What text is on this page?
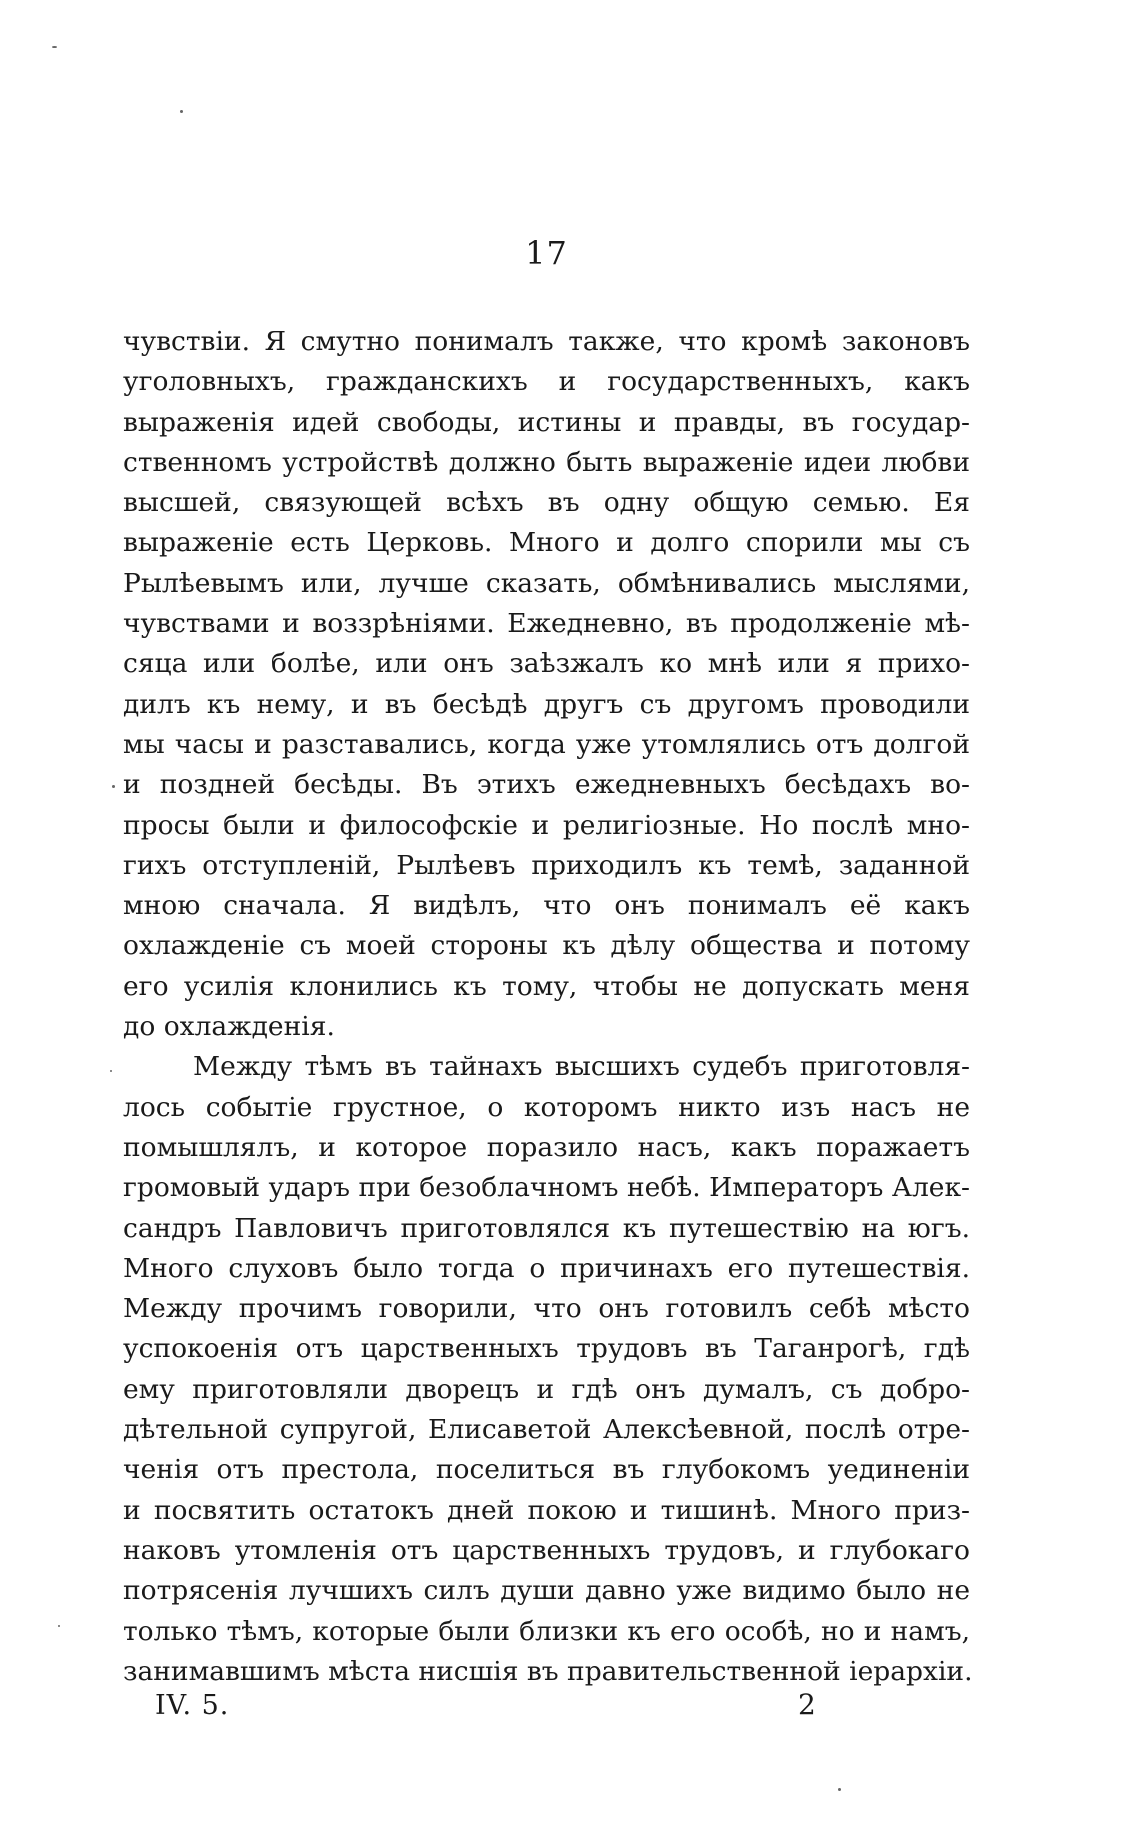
17
чувствiи. Я смутно понималъ также, что кромѣ законовъ
уголовныхъ, гражданскихъ и государственныхъ, какъ
выраженiя идей свободы, истины и правды, въ государ-
ственномъ устройствѣ должно быть выраженiе идеи любви
высшей, связующей всѣхъ въ одну общую семью. Ея
выраженiе есть Церковь. Много и долго спорили мы съ
Рылѣевымъ или, лучше сказать, обмѣнивались мыслями,
чувствами и воззрѣнiями. Ежедневно, въ продолженiе мѣ-
сяца или болѣе, или онъ заѣзжалъ ко мнѣ или я прихо-
дилъ къ нему, и въ бесѣдѣ другъ съ другомъ проводили
мы часы и разставались, когда уже утомлялись отъ долгой
и поздней бесѣды. Въ этихъ ежедневныхъ бесѣдахъ во-
просы были и философскiе и религiозные. Но послѣ мно-
гихъ отступленiй, Рылѣевъ приходилъ къ темѣ, заданной
мною сначала. Я видѣлъ, что онъ понималъ её какъ
охлажденiе съ моей стороны къ дѣлу общества и потому
его усилiя клонились къ тому, чтобы не допускать меня
до охлажденiя.
Между тѣмъ въ тайнахъ высшихъ судебъ приготовля-
лось событiе грустное, о которомъ никто изъ насъ не
помышлялъ, и которое поразило насъ, какъ поражаетъ
громовый ударъ при безоблачномъ небѣ. Императоръ Алек-
сандръ Павловичъ приготовлялся къ путешествiю на югъ.
Много слуховъ было тогда о причинахъ его путешествiя.
Между прочимъ говорили, что онъ готовилъ себѣ мѣсто
успокоенiя отъ царственныхъ трудовъ въ Таганрогѣ, гдѣ
ему приготовляли дворецъ и гдѣ онъ думалъ, съ добро-
дѣтельной супругой, Елисаветой Алексѣевной, послѣ отре-
ченiя отъ престола, поселиться въ глубокомъ уединенiи
и посвятить остатокъ дней покою и тишинѣ. Много приз-
наковъ утомленiя отъ царственныхъ трудовъ, и глубокаго
потрясенiя лучшихъ силъ души давно уже видимо было не
только тѣмъ, которые были близки къ его особѣ, но и намъ,
занимавшимъ мѣста нисшiя въ правительственной iерархiи.
IV. 5.	2
